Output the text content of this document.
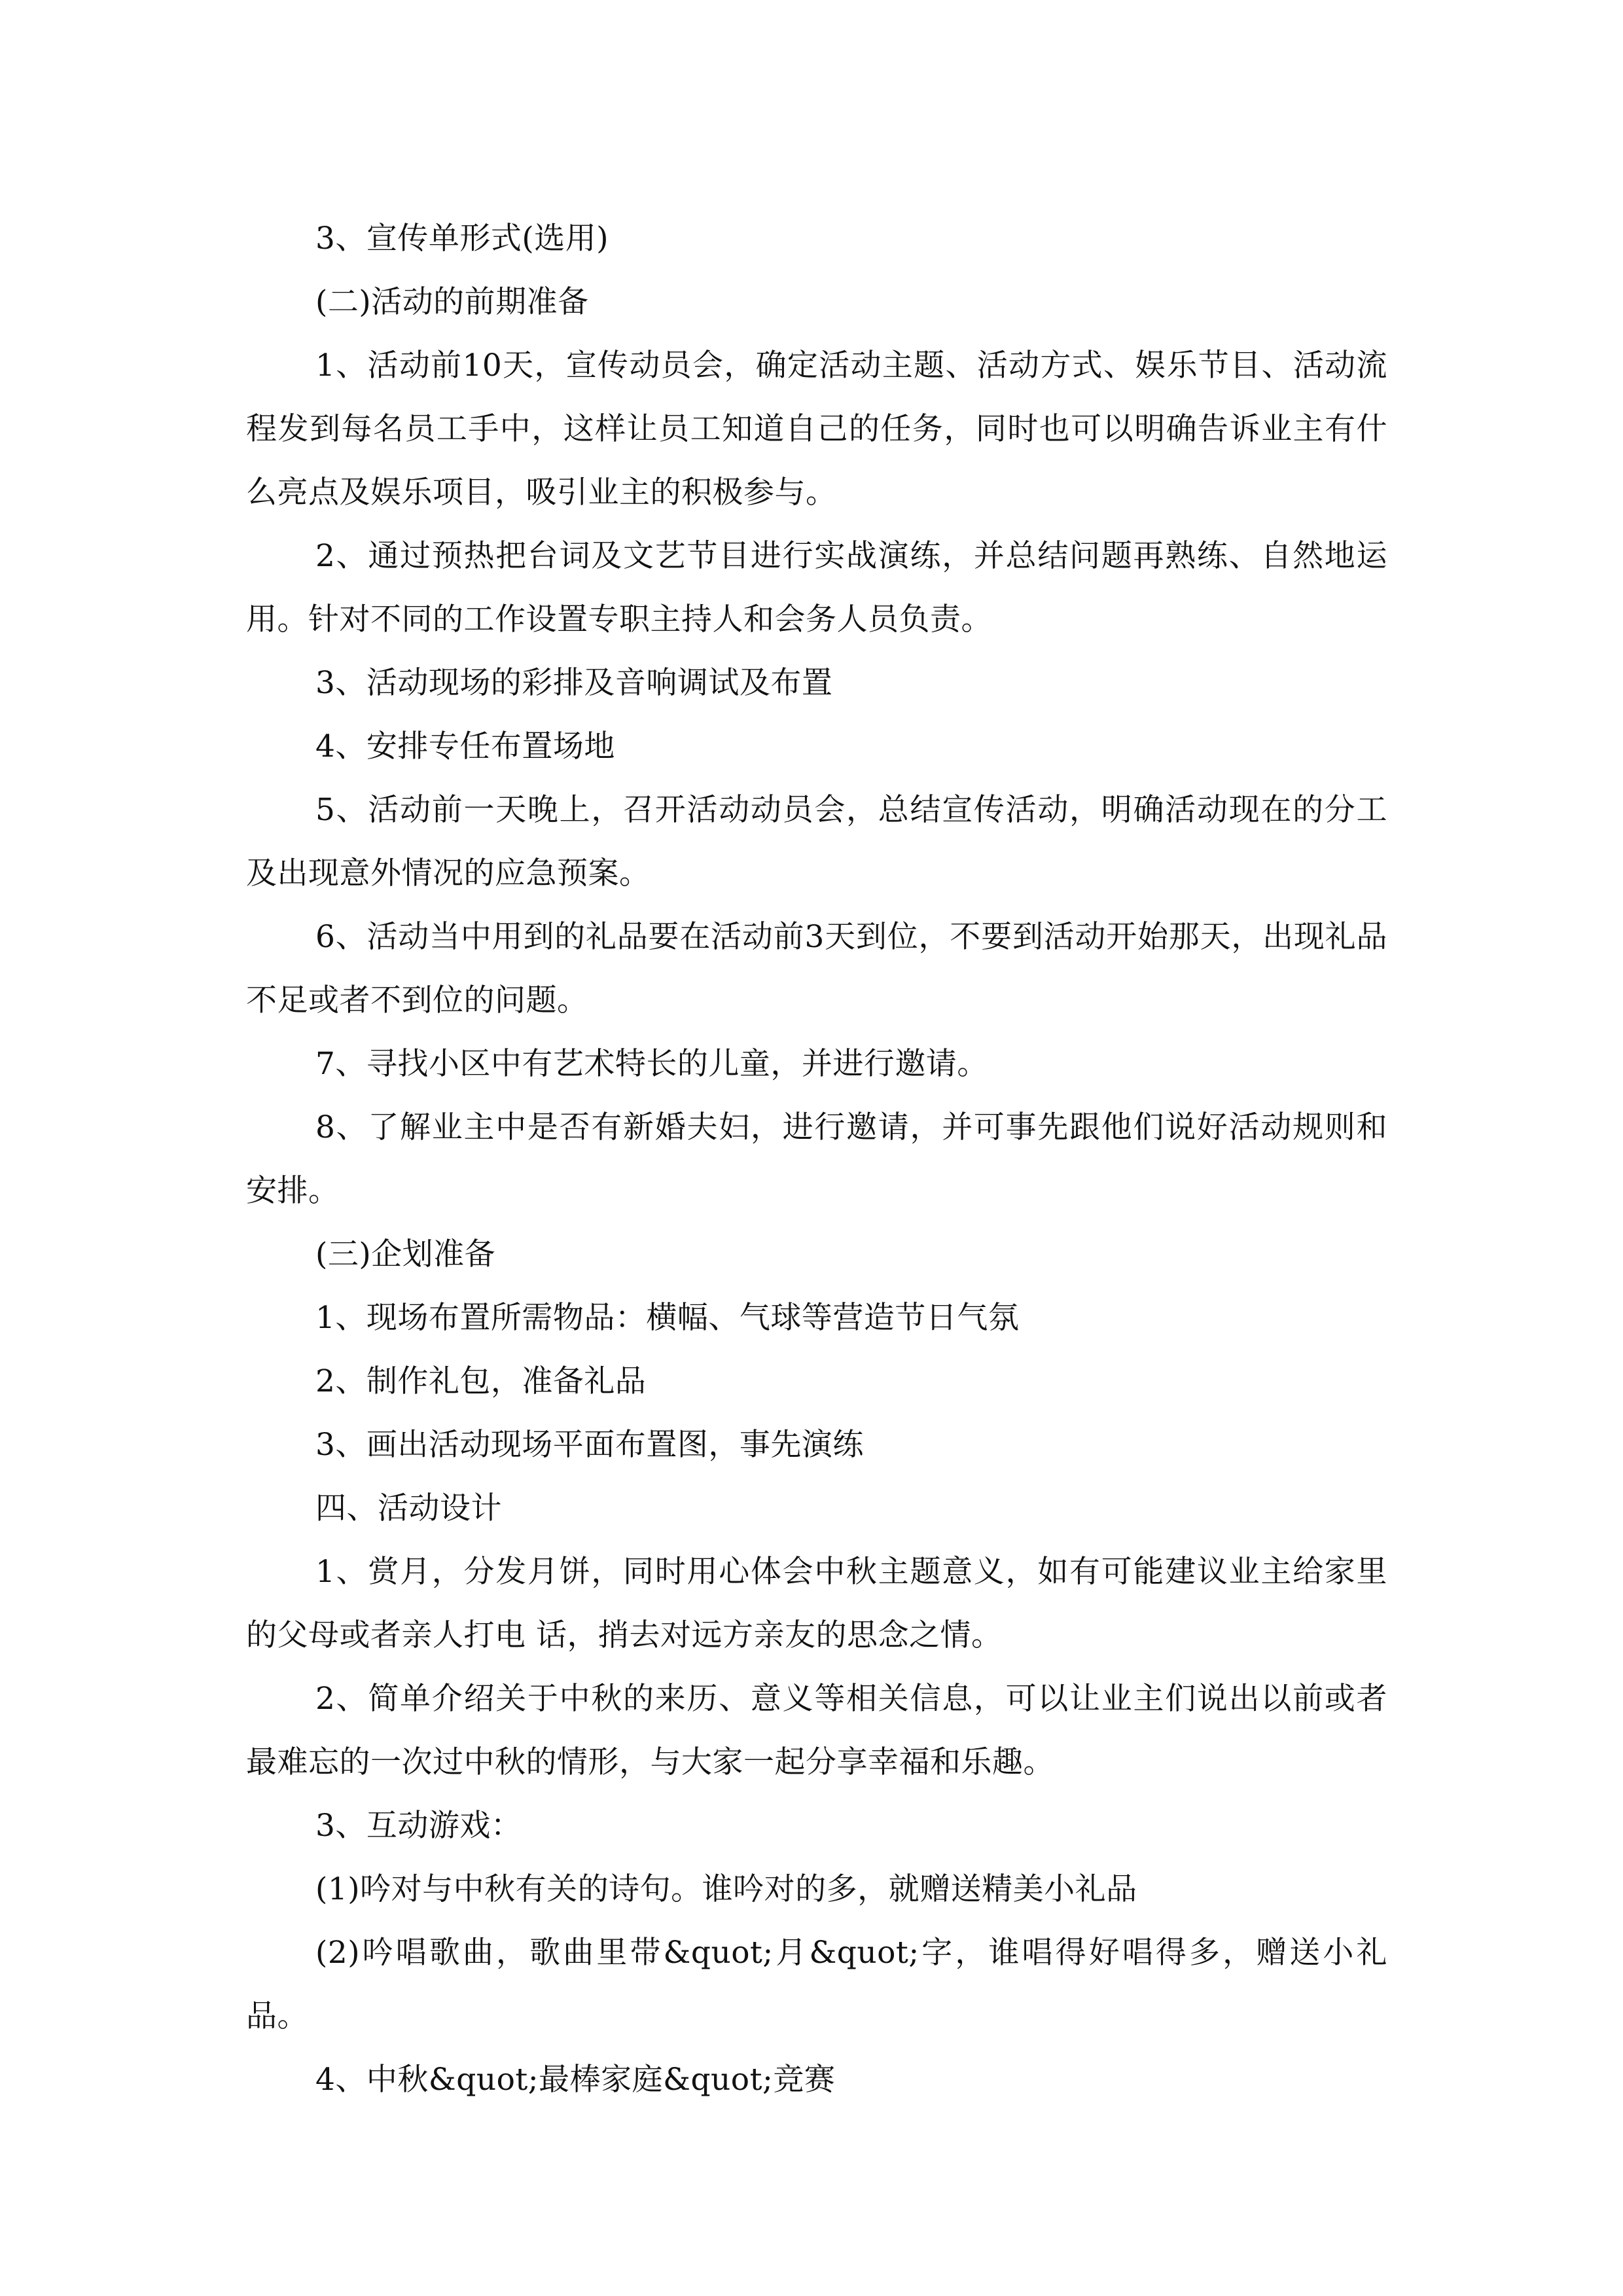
3、宣传单形式(选用)

(二)活动的前期准备

1、活动前10天，宣传动员会，确定活动主题、活动方式、娱乐节目、活动流程发到每名员工手中，这样让员工知道自己的任务，同时也可以明确告诉业主有什么亮点及娱乐项目，吸引业主的积极参与。

2、通过预热把台词及文艺节目进行实战演练，并总结问题再熟练、自然地运用。针对不同的工作设置专职主持人和会务人员负责。

3、活动现场的彩排及音响调试及布置

4、安排专任布置场地

5、活动前一天晚上，召开活动动员会，总结宣传活动，明确活动现在的分工及出现意外情况的应急预案。

6、活动当中用到的礼品要在活动前3天到位，不要到活动开始那天，出现礼品不足或者不到位的问题。

7、寻找小区中有艺术特长的儿童，并进行邀请。

8、了解业主中是否有新婚夫妇，进行邀请，并可事先跟他们说好活动规则和安排。

(三)企划准备

1、现场布置所需物品：横幅、气球等营造节日气氛

2、制作礼包，准备礼品

3、画出活动现场平面布置图，事先演练

四、活动设计

1、赏月，分发月饼，同时用心体会中秋主题意义，如有可能建议业主给家里的父母或者亲人打电 话，捎去对远方亲友的思念之情。

2、简单介绍关于中秋的来历、意义等相关信息，可以让业主们说出以前或者最难忘的一次过中秋的情形，与大家一起分享幸福和乐趣。

3、互动游戏：

(1)吟对与中秋有关的诗句。谁吟对的多，就赠送精美小礼品

(2)吟唱歌曲，歌曲里带&quot;月&quot;字，谁唱得好唱得多，赠送小礼品。

4、中秋&quot;最棒家庭&quot;竞赛
